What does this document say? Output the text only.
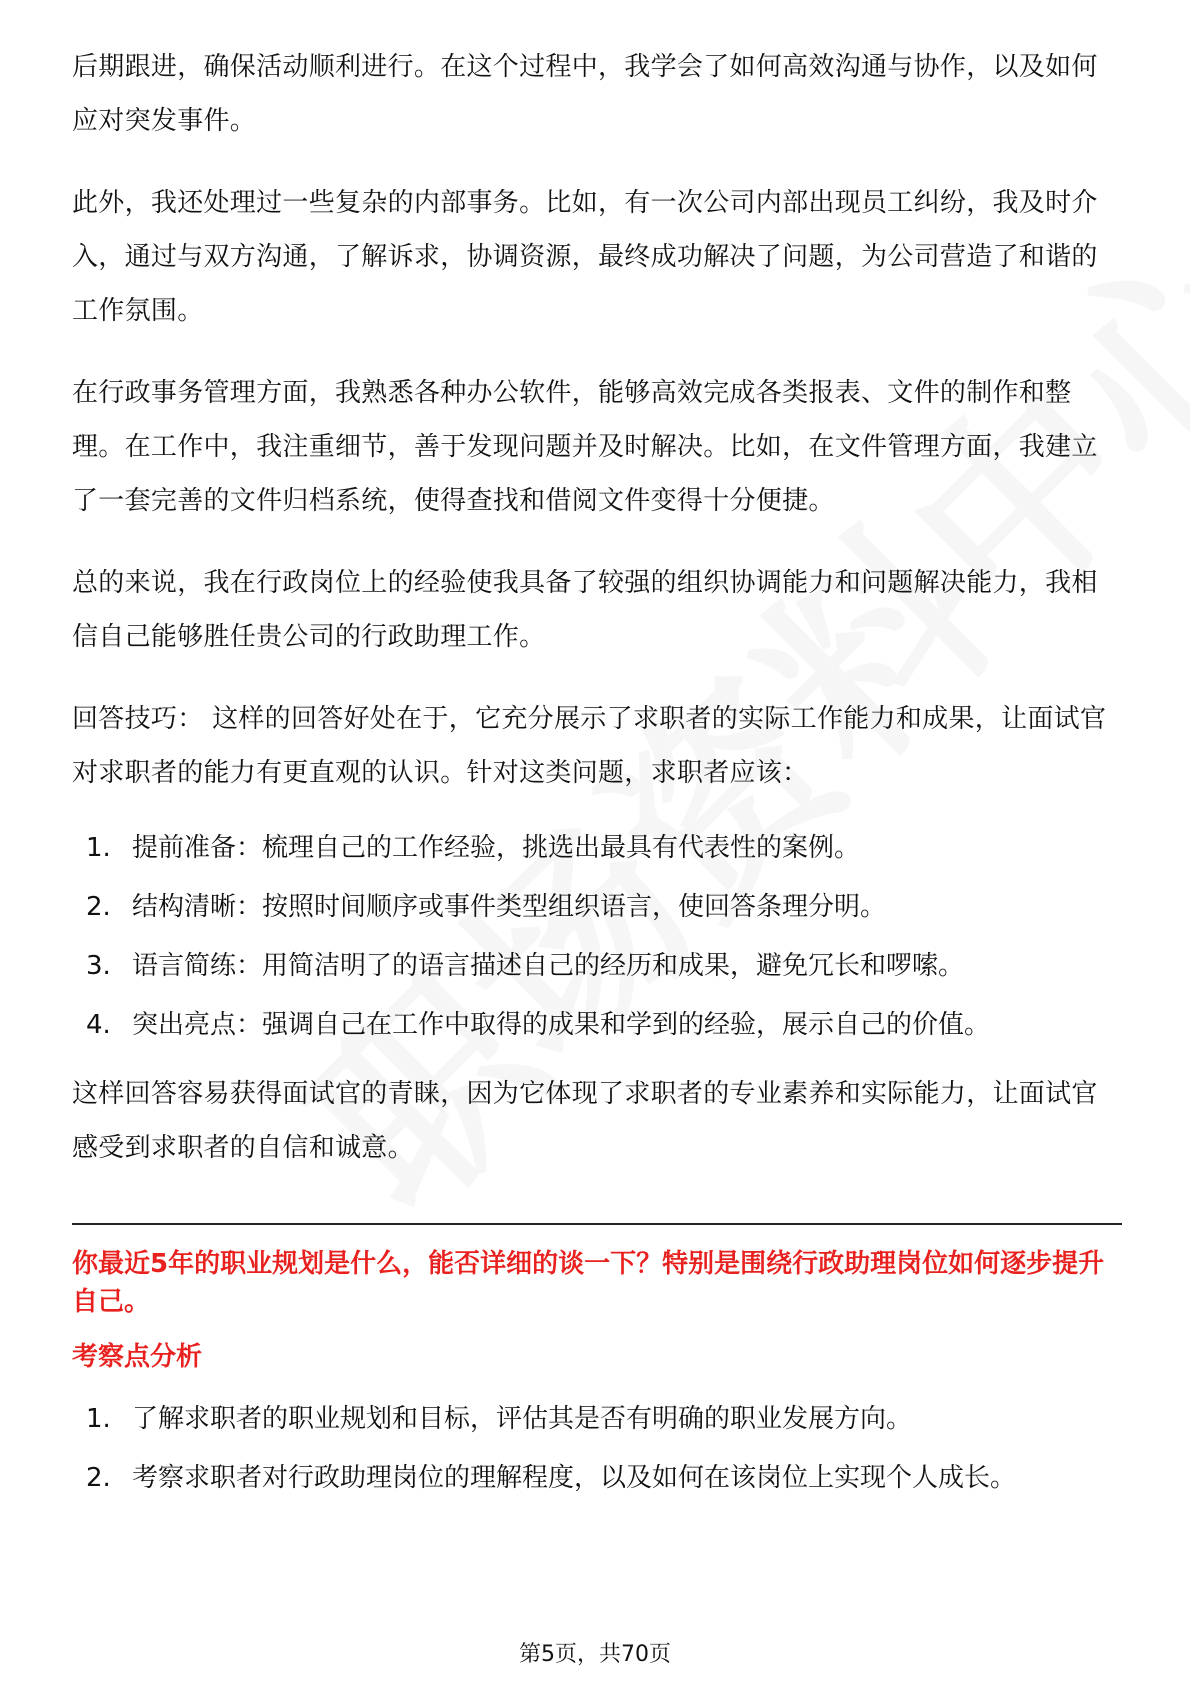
后期跟进，确保活动顺利进行。在这个过程中，我学会了如何高效沟通与协作，以及如何应对突发事件。

此外，我还处理过一些复杂的内部事务。比如，有一次公司内部出现员工纠纷，我及时介入，通过与双方沟通，了解诉求，协调资源，最终成功解决了问题，为公司营造了和谐的工作氛围。

在行政事务管理方面，我熟悉各种办公软件，能够高效完成各类报表、文件的制作和整理。在工作中，我注重细节，善于发现问题并及时解决。比如，在文件管理方面，我建立了一套完善的文件归档系统，使得查找和借阅文件变得十分便捷。

总的来说，我在行政岗位上的经验使我具备了较强的组织协调能力和问题解决能力，我相信自己能够胜任贵公司的行政助理工作。

回答技巧： 这样的回答好处在于，它充分展示了求职者的实际工作能力和成果，让面试官对求职者的能力有更直观的认识。针对这类问题，求职者应该：

1. 提前准备：梳理自己的工作经验，挑选出最具有代表性的案例。
2. 结构清晰：按照时间顺序或事件类型组织语言，使回答条理分明。
3. 语言简练：用简洁明了的语言描述自己的经历和成果，避免冗长和啰嗦。
4. 突出亮点：强调自己在工作中取得的成果和学到的经验，展示自己的价值。

这样回答容易获得面试官的青睐，因为它体现了求职者的专业素养和实际能力，让面试官感受到求职者的自信和诚意。

你最近5年的职业规划是什么，能否详细的谈一下？特别是围绕行政助理岗位如何逐步提升自己。

考察点分析

1. 了解求职者的职业规划和目标，评估其是否有明确的职业发展方向。
2. 考察求职者对行政助理岗位的理解程度，以及如何在该岗位上实现个人成长。
第5页，共70页
